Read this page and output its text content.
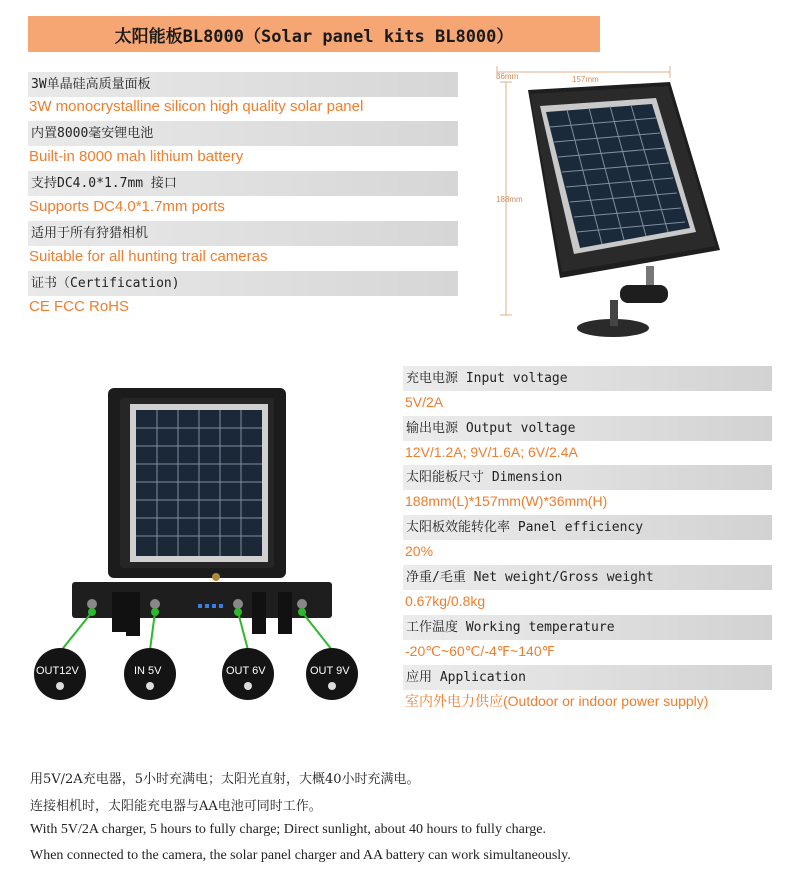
太阳能板BL8000（Solar panel kits BL8000）
3W单晶硅高质量面板
3W monocrystalline silicon high quality solar panel
内置8000毫安锂电池
Built-in 8000 mah lithium battery
支持DC4.0*1.7mm 接口
Supports DC4.0*1.7mm ports
适用于所有狩猎相机
Suitable for all hunting trail cameras
证书（Certification)
CE FCC RoHS
36mm	157mm
188mm
OUT12V	IN 5V	OUT 6V	OUT 9V
充电电源 Input voltage
5V/2A
输出电源 Output voltage
12V/1.2A; 9V/1.6A; 6V/2.4A
太阳能板尺寸 Dimension
188mm(L)*157mm(W)*36mm(H)
太阳板效能转化率 Panel efficiency
20%
净重/毛重 Net weight/Gross weight
0.67kg/0.8kg
工作温度 Working temperature
-20℃~60℃/-4℉~140℉
应用 Application
室内外电力供应(Outdoor or indoor power supply)
用5V/2A充电器，5小时充满电；太阳光直射，大概40小时充满电。
连接相机时，太阳能充电器与AA电池可同时工作。
With 5V/2A charger, 5 hours to fully charge; Direct sunlight, about 40 hours to fully charge.
When connected to the camera, the solar panel charger and AA battery can work simultaneously.
